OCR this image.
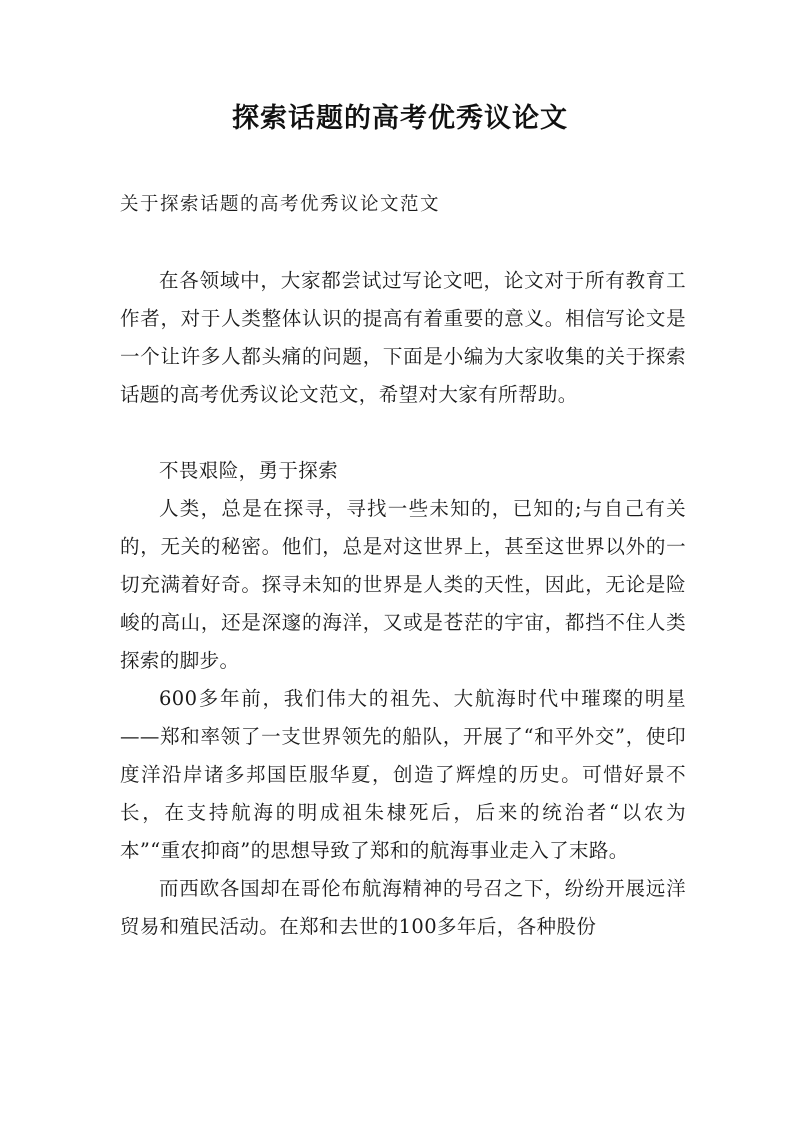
探索话题的高考优秀议论文
关于探索话题的高考优秀议论文范文

在各领域中，大家都尝试过写论文吧，论文对于所有教育工作者，对于人类整体认识的提高有着重要的意义。相信写论文是一个让许多人都头痛的问题，下面是小编为大家收集的关于探索话题的高考优秀议论文范文，希望对大家有所帮助。

不畏艰险，勇于探索

人类，总是在探寻，寻找一些未知的，已知的;与自己有关的，无关的秘密。他们，总是对这世界上，甚至这世界以外的一切充满着好奇。探寻未知的世界是人类的天性，因此，无论是险峻的高山，还是深邃的海洋，又或是苍茫的宇宙，都挡不住人类探索的脚步。

600多年前，我们伟大的祖先、大航海时代中璀璨的明星——郑和率领了一支世界领先的船队，开展了“和平外交”，使印度洋沿岸诸多邦国臣服华夏，创造了辉煌的历史。可惜好景不长，在支持航海的明成祖朱棣死后，后来的统治者“以农为本”“重农抑商”的思想导致了郑和的航海事业走入了末路。

而西欧各国却在哥伦布航海精神的号召之下，纷纷开展远洋贸易和殖民活动。在郑和去世的100多年后，各种股份
